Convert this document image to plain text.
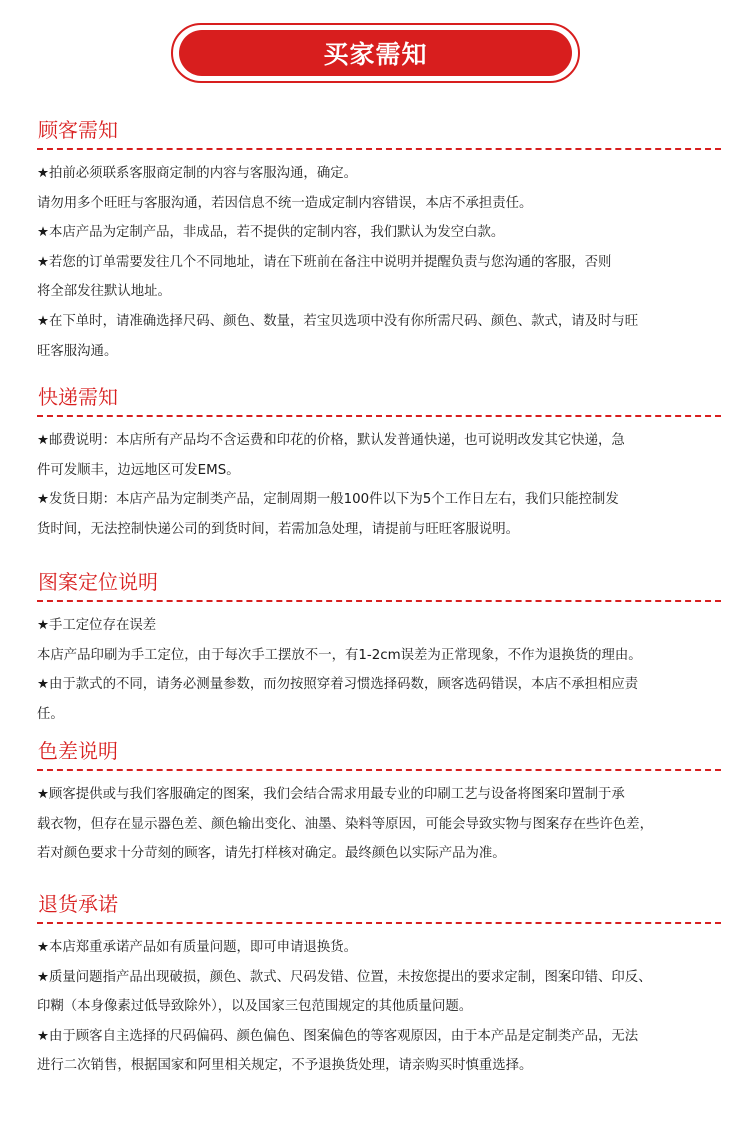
买家需知
顾客需知
★拍前必须联系客服商定制的内容与客服沟通，确定。
请勿用多个旺旺与客服沟通，若因信息不统一造成定制内容错误，本店不承担责任。
★本店产品为定制产品，非成品，若不提供的定制内容，我们默认为发空白款。
★若您的订单需要发往几个不同地址，请在下班前在备注中说明并提醒负责与您沟通的客服，否则
将全部发往默认地址。
★在下单时，请准确选择尺码、颜色、数量，若宝贝选项中没有你所需尺码、颜色、款式，请及时与旺
旺客服沟通。
快递需知
★邮费说明：本店所有产品均不含运费和印花的价格，默认发普通快递，也可说明改发其它快递，急
件可发顺丰，边远地区可发EMS。
★发货日期：本店产品为定制类产品，定制周期一般100件以下为5个工作日左右，我们只能控制发
货时间，无法控制快递公司的到货时间，若需加急处理，请提前与旺旺客服说明。
图案定位说明
★手工定位存在误差
本店产品印刷为手工定位，由于每次手工摆放不一，有1-2cm误差为正常现象，不作为退换货的理由。
★由于款式的不同，请务必测量参数，而勿按照穿着习惯选择码数，顾客选码错误，本店不承担相应责
任。
色差说明
★顾客提供或与我们客服确定的图案，我们会结合需求用最专业的印刷工艺与设备将图案印置制于承
载衣物，但存在显示器色差、颜色输出变化、油墨、染料等原因，可能会导致实物与图案存在些许色差，
若对颜色要求十分苛刻的顾客，请先打样核对确定。最终颜色以实际产品为准。
退货承诺
★本店郑重承诺产品如有质量问题，即可申请退换货。
★质量问题指产品出现破损，颜色、款式、尺码发错、位置，未按您提出的要求定制，图案印错、印反、
印糊（本身像素过低导致除外），以及国家三包范围规定的其他质量问题。
★由于顾客自主选择的尺码偏码、颜色偏色、图案偏色的等客观原因，由于本产品是定制类产品，无法
进行二次销售，根据国家和阿里相关规定，不予退换货处理，请亲购买时慎重选择。
